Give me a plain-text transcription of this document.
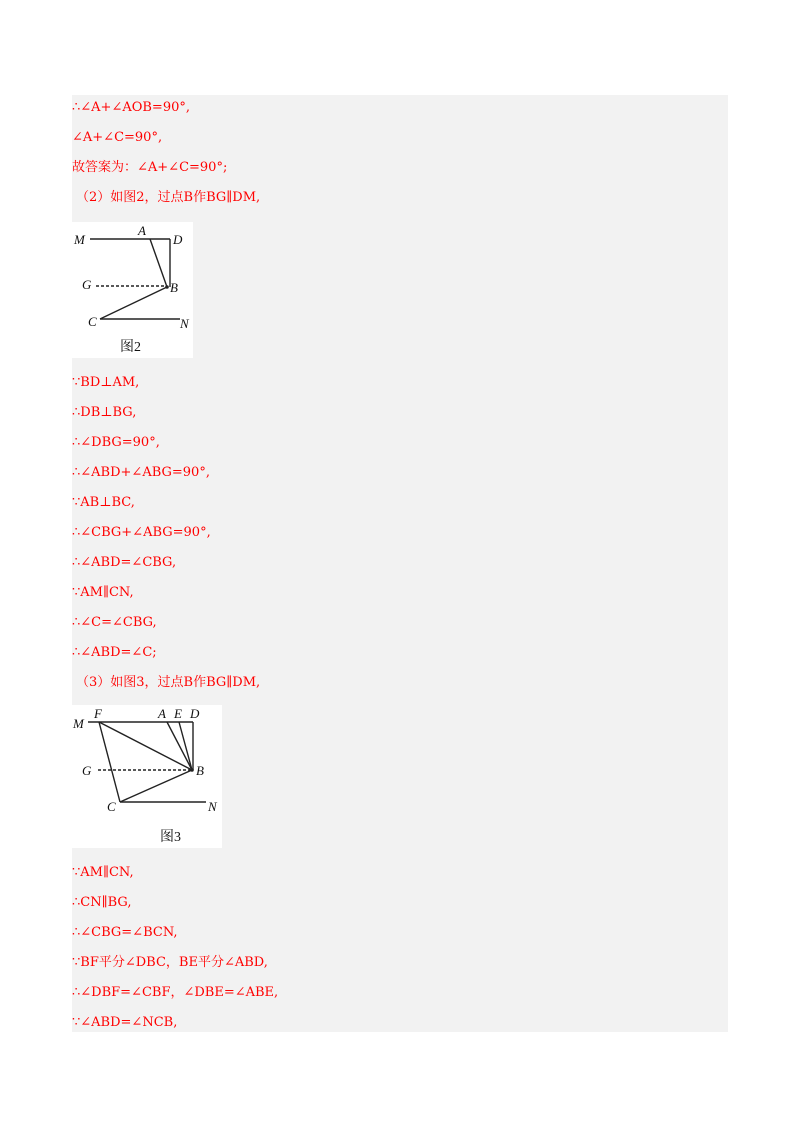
∴∠A+∠AOB=90°,
∠A+∠C=90°,
故答案为：∠A+∠C=90°;
（2）如图2，过点B作BG∥DM,
M
A
D
G	B
C	N
图2
∵BD⊥AM,
∴DB⊥BG,
∴∠DBG=90°,
∴∠ABD+∠ABG=90°,
∵AB⊥BC,
∴∠CBG+∠ABG=90°,
∴∠ABD=∠CBG,
∵AM∥CN,
∴∠C=∠CBG,
∴∠ABD=∠C;
（3）如图3，过点B作BG∥DM,
M
F	A E D
G	B
C	N
图3
∵AM∥CN,
∴CN∥BG,
∴∠CBG=∠BCN,
∵BF平分∠DBC，BE平分∠ABD,
∴∠DBF=∠CBF，∠DBE=∠ABE,
∵∠ABD=∠NCB,
